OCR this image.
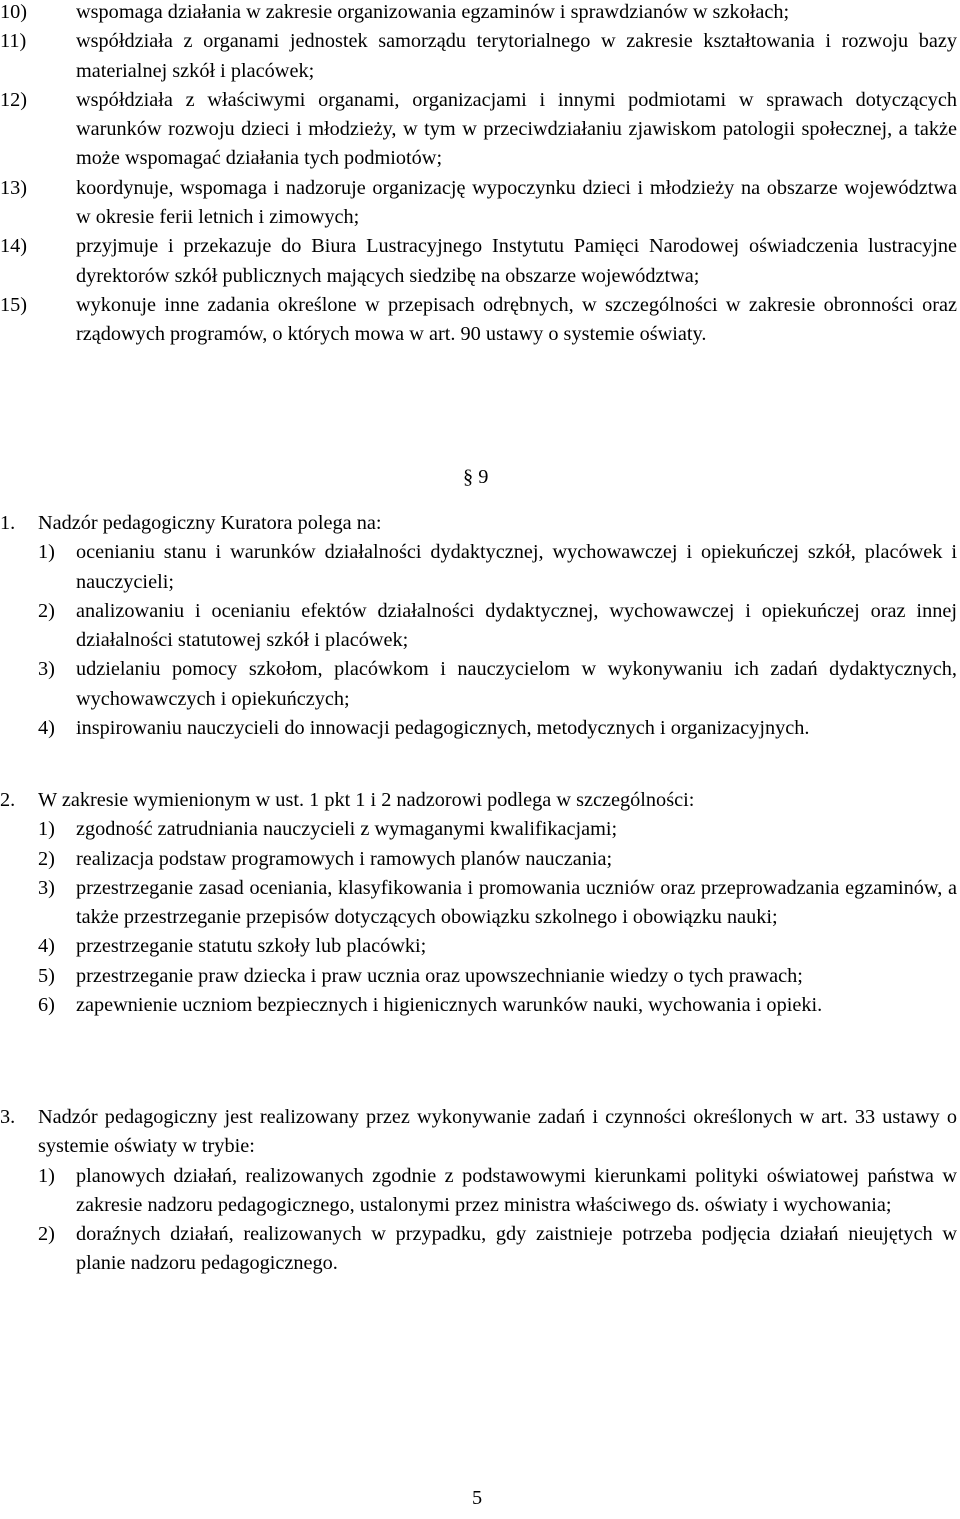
10) wspomaga działania w zakresie organizowania egzaminów i sprawdzianów w szkołach;
11) współdziała z organami jednostek samorządu terytorialnego w zakresie kształtowania i rozwoju bazy materialnej szkół i placówek;
12) współdziała z właściwymi organami, organizacjami i innymi podmiotami w sprawach dotyczących warunków rozwoju dzieci i młodzieży, w tym w przeciwdziałaniu zjawiskom patologii społecznej, a także może wspomagać działania tych podmiotów;
13) koordynuje, wspomaga i nadzoruje organizację wypoczynku dzieci i młodzieży na obszarze województwa w okresie ferii letnich i zimowych;
14) przyjmuje i przekazuje do Biura Lustracyjnego Instytutu Pamięci Narodowej oświadczenia lustracyjne dyrektorów szkół publicznych mających siedzibę na obszarze województwa;
15) wykonuje inne zadania określone w przepisach odrębnych, w szczególności w zakresie obronności oraz rządowych programów, o których mowa w art. 90 ustawy o systemie oświaty.
§ 9
1. Nadzór pedagogiczny Kuratora polega na:
1) ocenianiu stanu i warunków działalności dydaktycznej, wychowawczej i opiekuńczej szkół, placówek i nauczycieli;
2) analizowaniu i ocenianiu efektów działalności dydaktycznej, wychowawczej i opiekuńczej oraz innej działalności statutowej szkół i placówek;
3) udzielaniu pomocy szkołom, placówkom i nauczycielom w wykonywaniu ich zadań dydaktycznych, wychowawczych i opiekuńczych;
4) inspirowaniu nauczycieli do innowacji pedagogicznych, metodycznych i organizacyjnych.
2. W zakresie wymienionym w ust. 1 pkt 1 i 2 nadzorowi podlega w szczególności:
1) zgodność zatrudniania nauczycieli z wymaganymi kwalifikacjami;
2) realizacja podstaw programowych i ramowych planów nauczania;
3) przestrzeganie zasad oceniania, klasyfikowania i promowania uczniów oraz przeprowadzania egzaminów, a także przestrzeganie przepisów dotyczących obowiązku szkolnego i obowiązku nauki;
4) przestrzeganie statutu szkoły lub placówki;
5) przestrzeganie praw dziecka i praw ucznia oraz upowszechnianie wiedzy o tych prawach;
6) zapewnienie uczniom bezpiecznych i higienicznych warunków nauki, wychowania i opieki.
3. Nadzór pedagogiczny jest realizowany przez wykonywanie zadań i czynności określonych w art. 33 ustawy o systemie oświaty w trybie:
1) planowych działań, realizowanych zgodnie z podstawowymi kierunkami polityki oświatowej państwa w zakresie nadzoru pedagogicznego, ustalonymi przez ministra właściwego ds. oświaty i wychowania;
2) doraźnych działań, realizowanych w przypadku, gdy zaistnieje potrzeba podjęcia działań nieujętych w planie nadzoru pedagogicznego.
5
